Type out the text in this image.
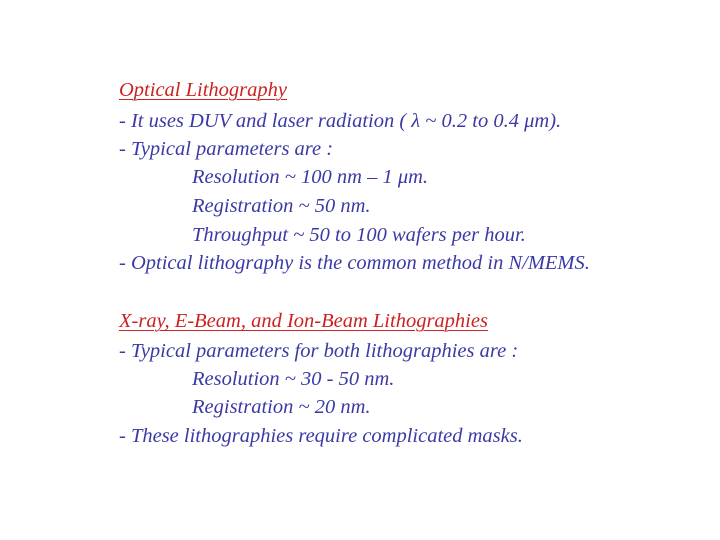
Optical Lithography
- It uses DUV and laser radiation ( λ ~ 0.2 to 0.4 μm).
- Typical parameters are :
Resolution ~ 100 nm – 1 μm.
Registration ~ 50 nm.
Throughput ~ 50 to 100 wafers per hour.
- Optical lithography is the common method in N/MEMS.
X-ray, E-Beam, and Ion-Beam Lithographies
- Typical parameters for both lithographies are :
Resolution ~ 30 - 50 nm.
Registration ~ 20 nm.
- These lithographies require complicated masks.
